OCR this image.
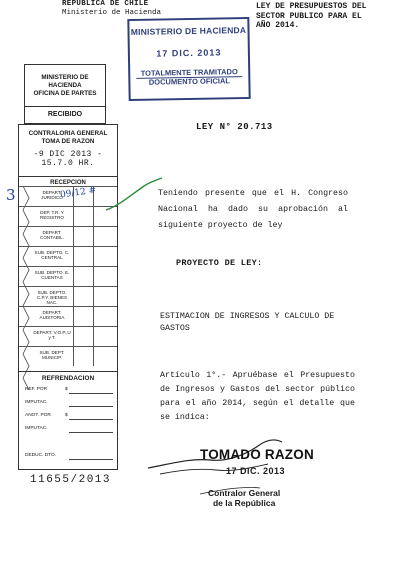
REPUBLICA DE CHILE
Ministerio de Hacienda
LEY DE PRESUPUESTOS DEL
SECTOR PUBLICO PARA EL
AÑO 2014.
MINISTERIO DE HACIENDA
17 DIC. 2013
TOTALMENTE TRAMITADO
DOCUMENTO OFICIAL
MINISTERIO DE HACIENDA
OFICINA DE PARTES
RECIBIDO
CONTRALORIA GENERAL
TOMA DE RAZON
-9 DIC 2013 - 15.7.0 HR.
RECEPCION
DEPART. JURIDICO
DEP. T.R. Y REGISTRO
DEPART. CONTABIL.
SUB. DEPTO. C. CENTRAL
SUB. DEPTO. E. CUENTAS
SUB. DEPTO. C.P.Y. BIENES NAC.
DEPART. AUDITORIA
DEPART. V.O.P.,U y T.
SUB. DEPT. MUNICIP.
REFRENDACION
REF. POR	$
IMPUTAC.
ANOT. POR	$
IMPUTAC.
DEDUC. DTO.
3	09/12 #
11655/2013
LEY N° 20.713
Teniendo presente que el H. Congreso Nacional ha dado su aprobación al siguiente proyecto de ley
PROYECTO DE LEY:
ESTIMACION DE INGRESOS Y CALCULO DE
GASTOS
Artículo 1°.- Apruébase el Presupuesto de Ingresos y Gastos del sector público para el año 2014, según el detalle que se indica:
TOMADO RAZON
17 DIC. 2013
Contralor General
de la República
